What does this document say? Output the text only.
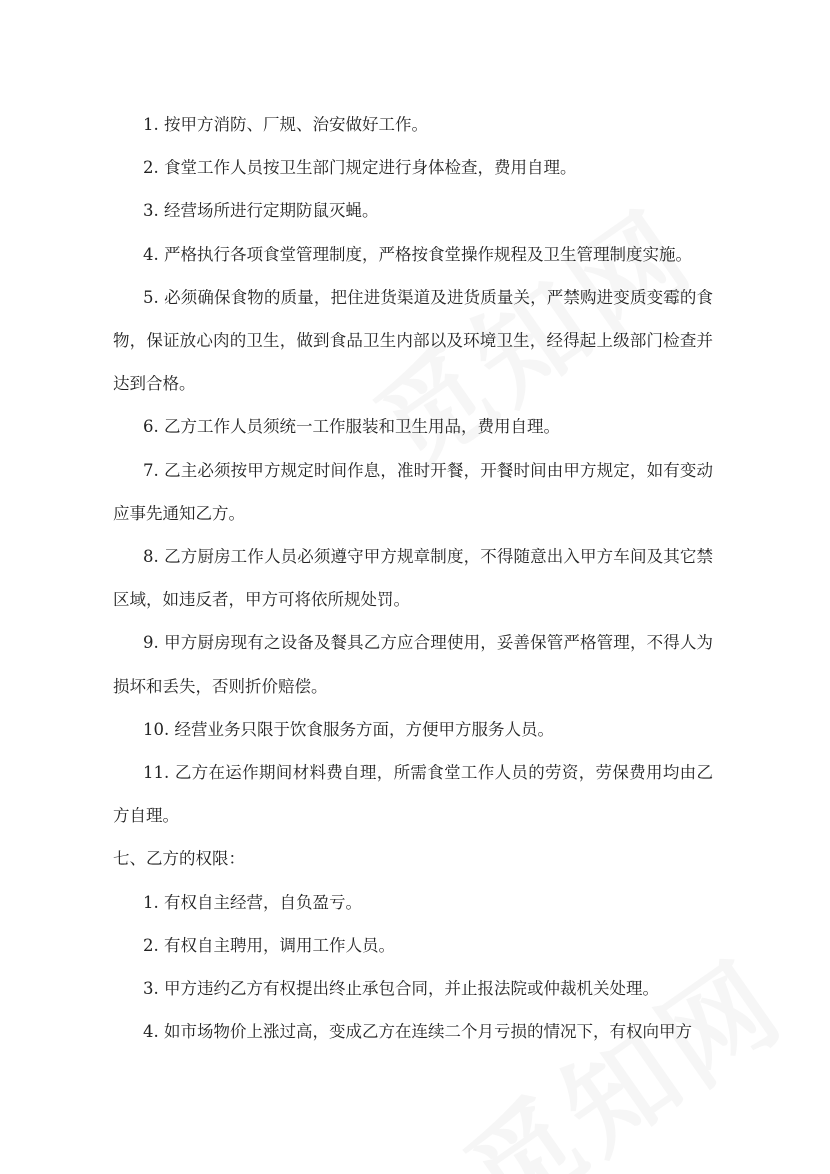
1. 按甲方消防、厂规、治安做好工作。

2. 食堂工作人员按卫生部门规定进行身体检查，费用自理。

3. 经营场所进行定期防鼠灭蝇。

4. 严格执行各项食堂管理制度，严格按食堂操作规程及卫生管理制度实施。

5. 必须确保食物的质量，把住进货渠道及进货质量关，严禁购进变质变霉的食物，保证放心肉的卫生，做到食品卫生内部以及环境卫生，经得起上级部门检查并达到合格。

6. 乙方工作人员须统一工作服装和卫生用品，费用自理。

7. 乙主必须按甲方规定时间作息，准时开餐，开餐时间由甲方规定，如有变动应事先通知乙方。

8. 乙方厨房工作人员必须遵守甲方规章制度，不得随意出入甲方车间及其它禁区域，如违反者，甲方可将依所规处罚。

9. 甲方厨房现有之设备及餐具乙方应合理使用，妥善保管严格管理，不得人为损坏和丢失，否则折价赔偿。

10. 经营业务只限于饮食服务方面，方便甲方服务人员。

11. 乙方在运作期间材料费自理，所需食堂工作人员的劳资，劳保费用均由乙方自理。

七、乙方的权限：

1. 有权自主经营，自负盈亏。

2. 有权自主聘用，调用工作人员。

3. 甲方违约乙方有权提出终止承包合同，并止报法院或仲裁机关处理。

4. 如市场物价上涨过高，变成乙方在连续二个月亏损的情况下，有权向甲方
